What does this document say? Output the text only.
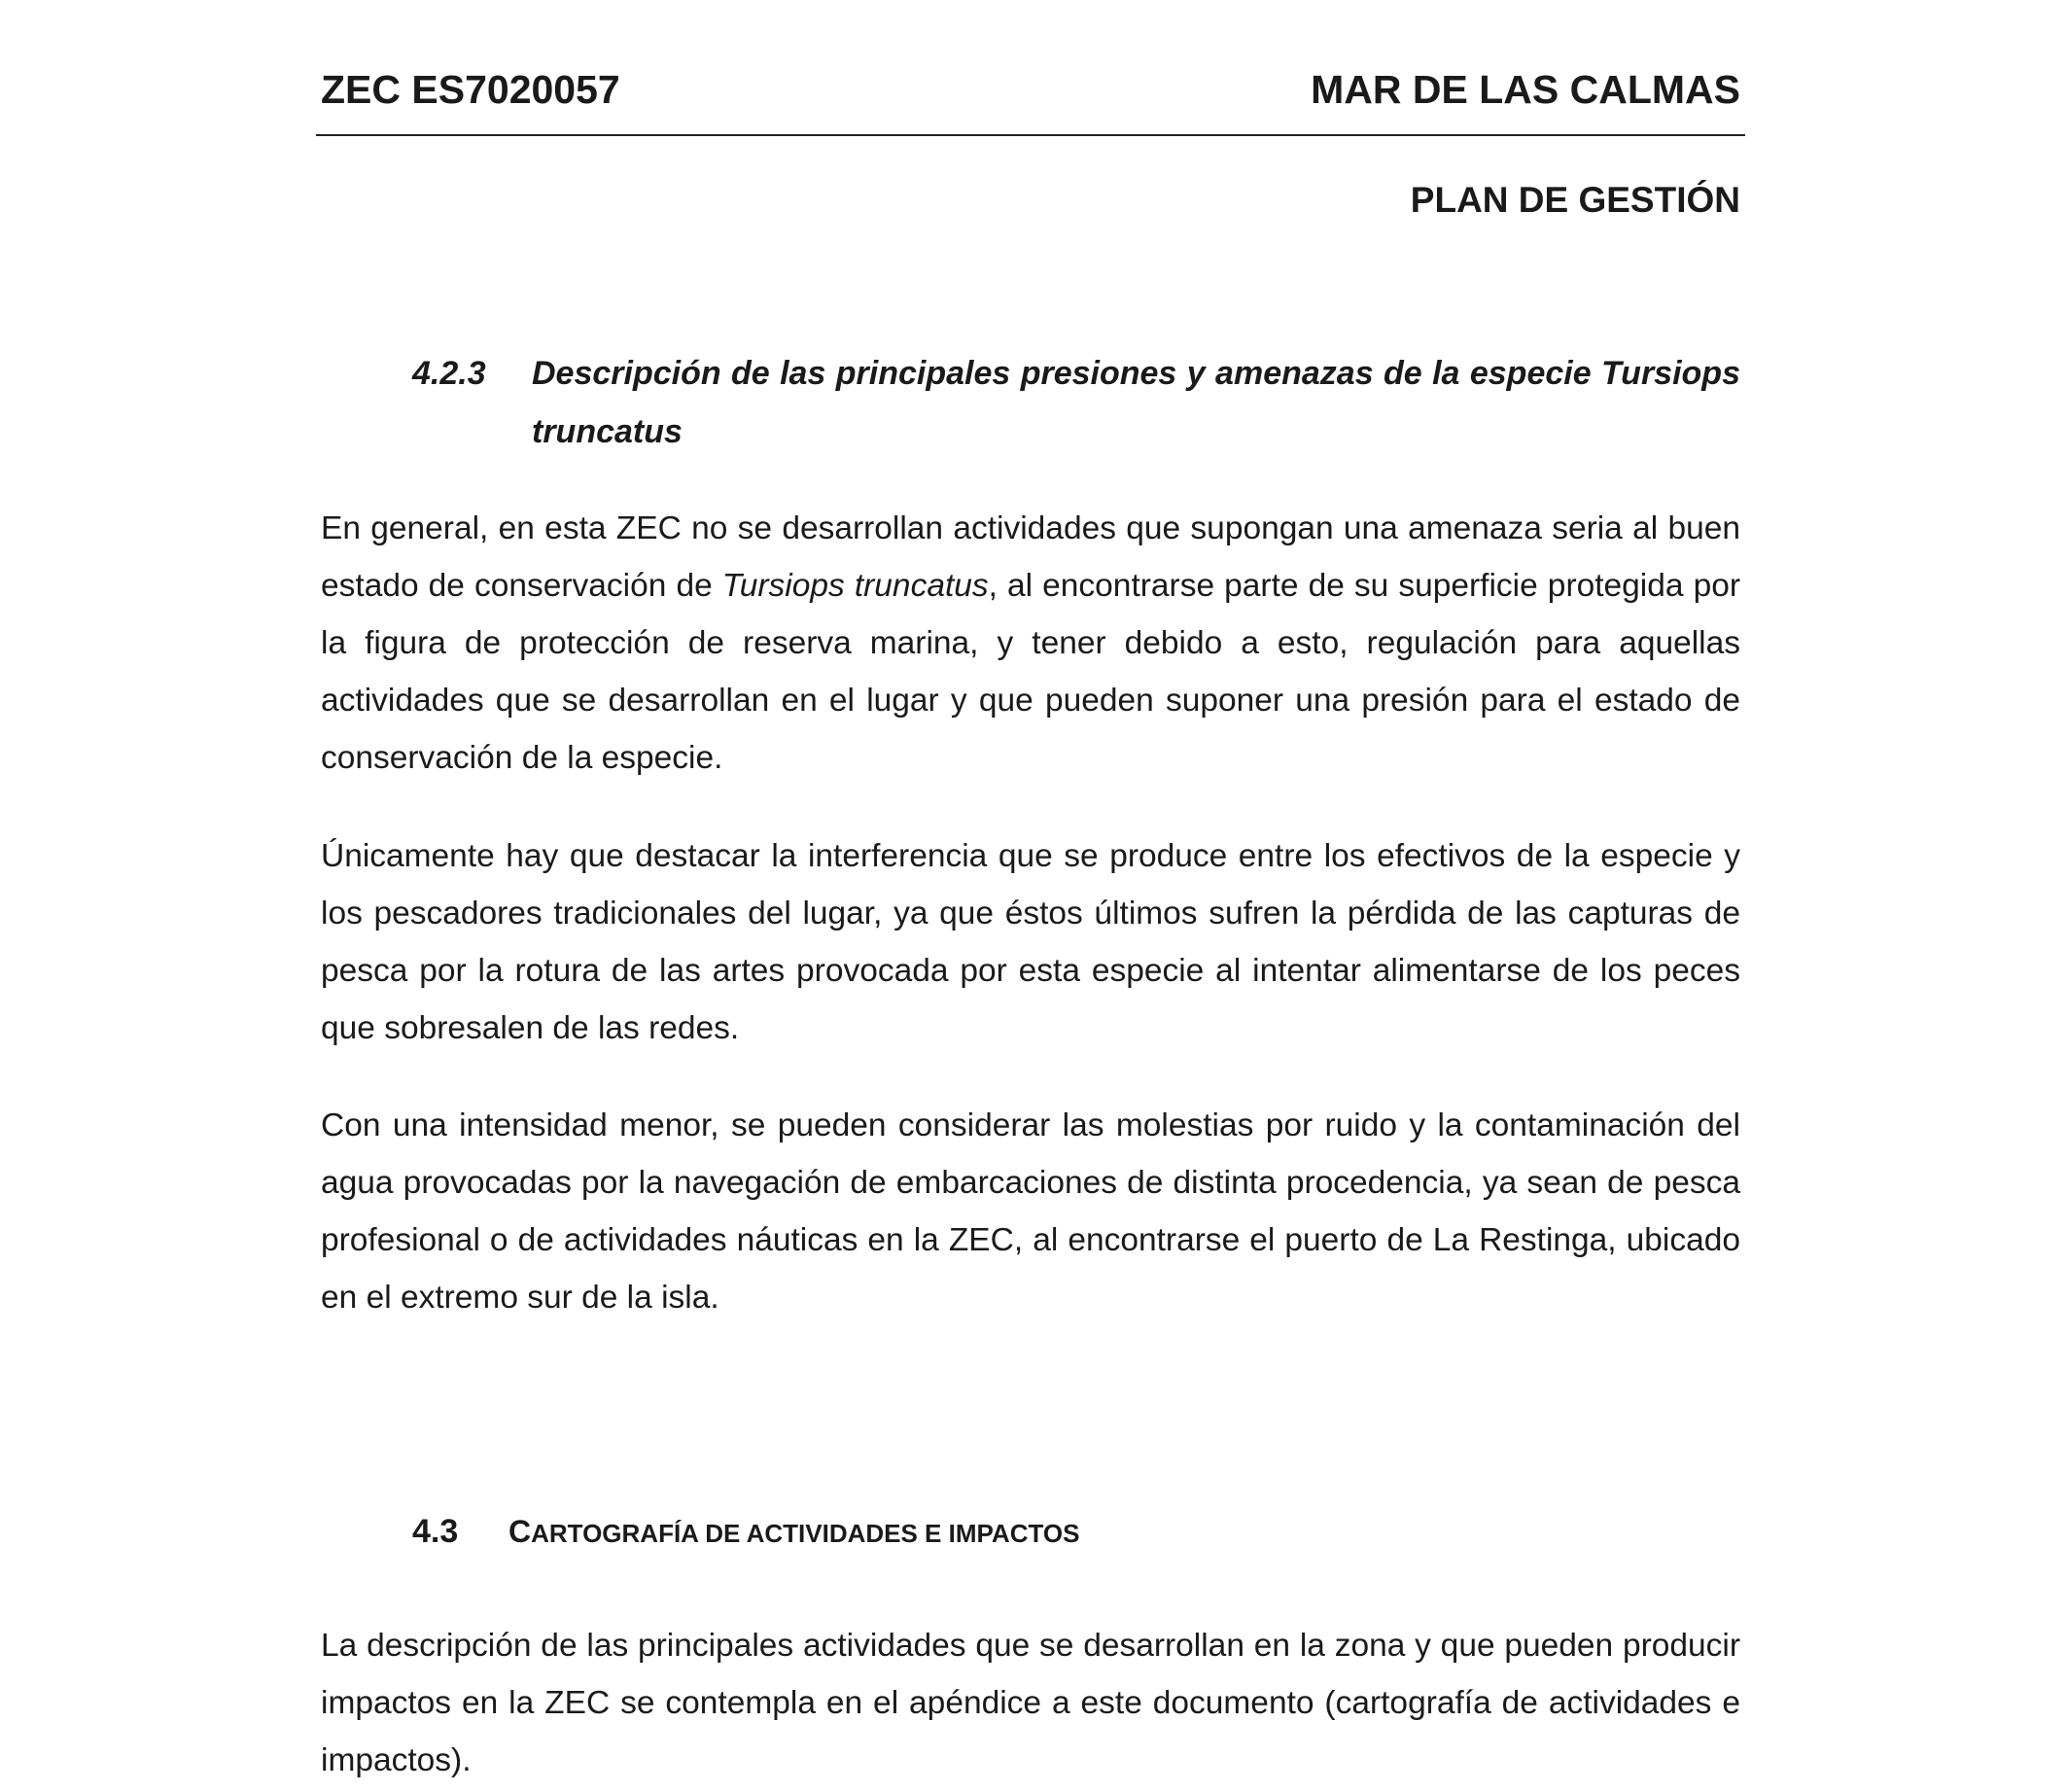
ZEC ES7020057	MAR DE LAS CALMAS
PLAN DE GESTIÓN
4.2.3 Descripción de las principales presiones y amenazas de la especie Tursiops truncatus
En general, en esta ZEC no se desarrollan actividades que supongan una amenaza seria al buen estado de conservación de Tursiops truncatus, al encontrarse parte de su superficie protegida por la figura de protección de reserva marina, y tener debido a esto, regulación para aquellas actividades que se desarrollan en el lugar y que pueden suponer una presión para el estado de conservación de la especie.
Únicamente hay que destacar la interferencia que se produce entre los efectivos de la especie y los pescadores tradicionales del lugar, ya que éstos últimos sufren la pérdida de las capturas de pesca por la rotura de las artes provocada por esta especie al intentar alimentarse de los peces que sobresalen de las redes.
Con una intensidad menor, se pueden considerar las molestias por ruido y la contaminación del agua provocadas por la navegación de embarcaciones de distinta procedencia, ya sean de pesca profesional o de actividades náuticas en la ZEC, al encontrarse el puerto de La Restinga, ubicado en el extremo sur de la isla.
4.3 CARTOGRAFÍA DE ACTIVIDADES E IMPACTOS
La descripción de las principales actividades que se desarrollan en la zona y que pueden producir impactos en la ZEC se contempla en el apéndice a este documento (cartografía de actividades e impactos).
